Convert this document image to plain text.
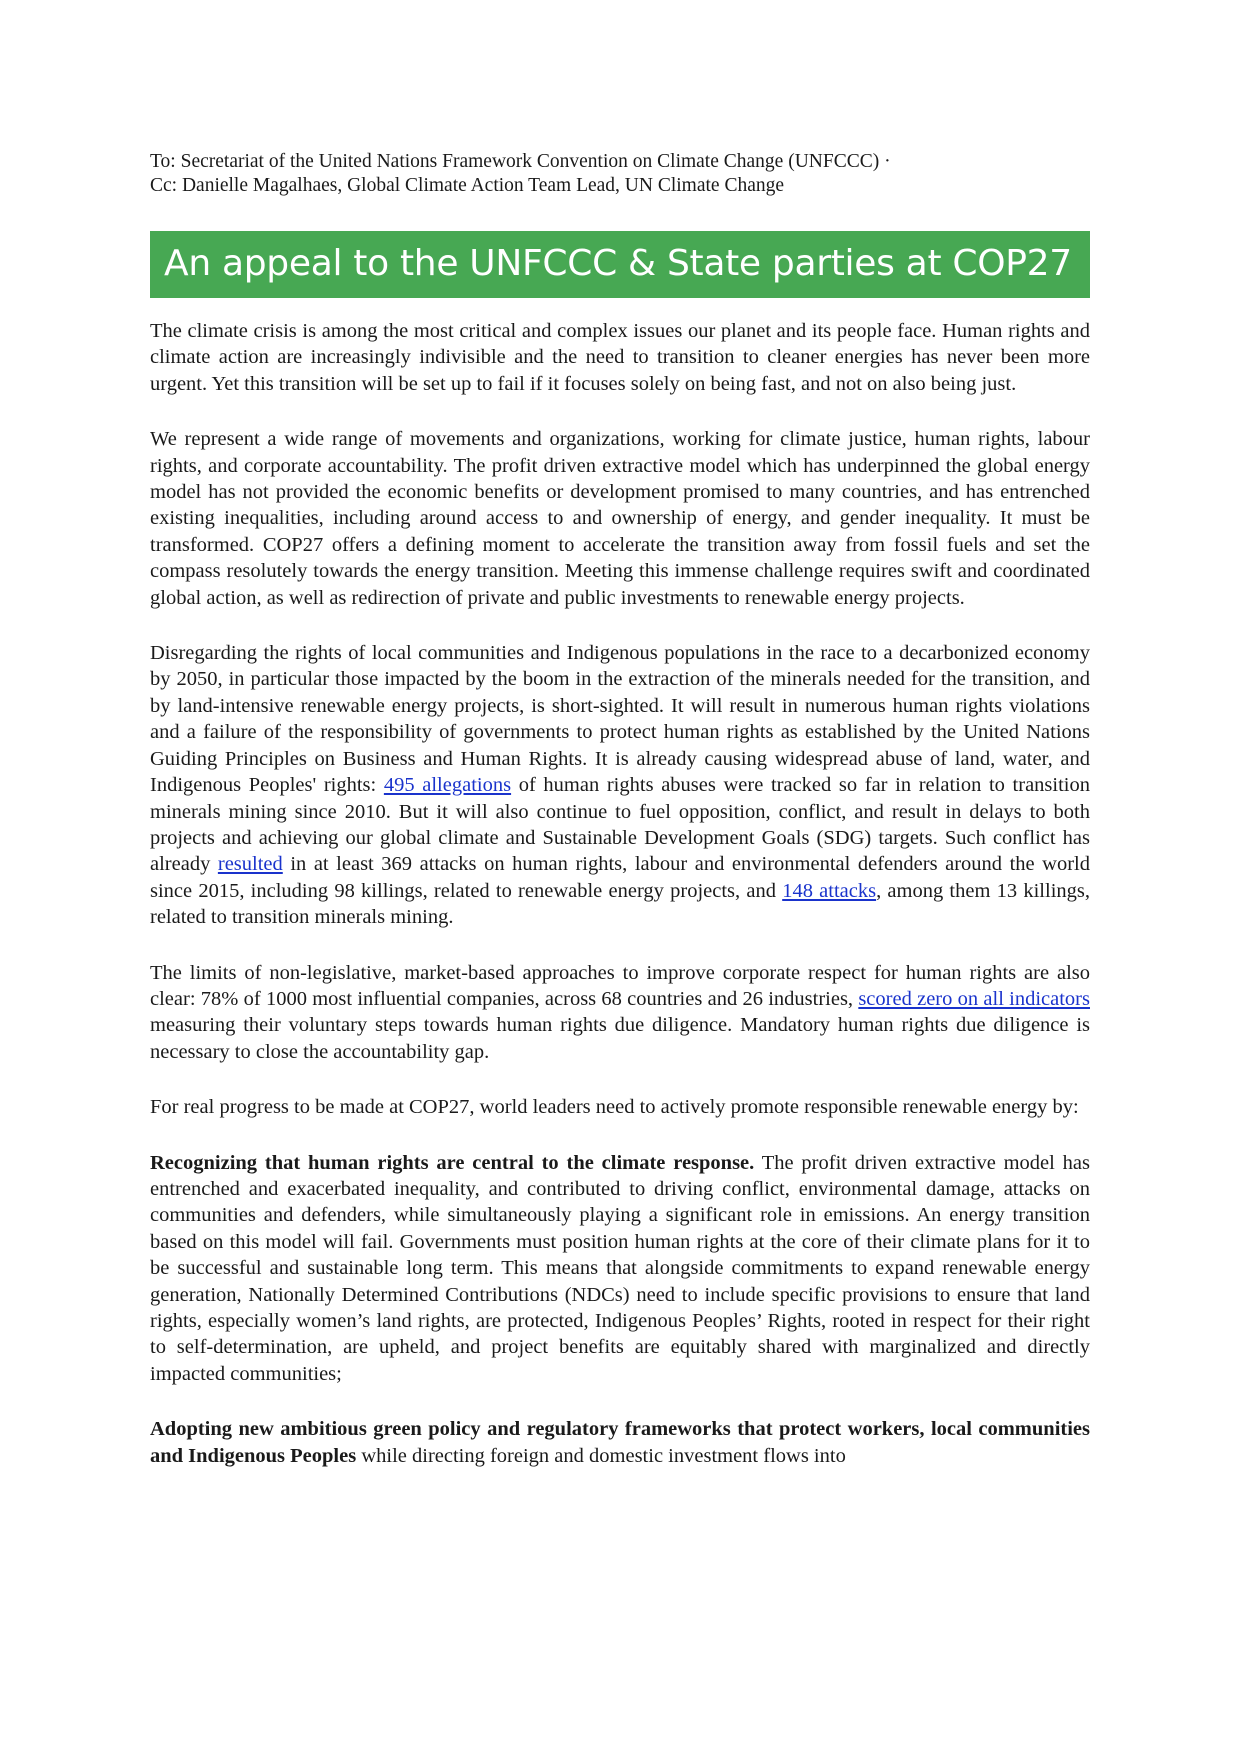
To: Secretariat of the United Nations Framework Convention on Climate Change (UNFCCC) ·
Cc: Danielle Magalhaes, Global Climate Action Team Lead, UN Climate Change
An appeal to the UNFCCC & State parties at COP27

The climate crisis is among the most critical and complex issues our planet and its people face. Human rights and climate action are increasingly indivisible and the need to transition to cleaner energies has never been more urgent. Yet this transition will be set up to fail if it focuses solely on being fast, and not on also being just.

We represent a wide range of movements and organizations, working for climate justice, human rights, labour rights, and corporate accountability. The profit driven extractive model which has underpinned the global energy model has not provided the economic benefits or development promised to many countries, and has entrenched existing inequalities, including around access to and ownership of energy, and gender inequality. It must be transformed. COP27 offers a defining moment to accelerate the transition away from fossil fuels and set the compass resolutely towards the energy transition. Meeting this immense challenge requires swift and coordinated global action, as well as redirection of private and public investments to renewable energy projects.

Disregarding the rights of local communities and Indigenous populations in the race to a decarbonized economy by 2050, in particular those impacted by the boom in the extraction of the minerals needed for the transition, and by land-intensive renewable energy projects, is short-sighted. It will result in numerous human rights violations and a failure of the responsibility of governments to protect human rights as established by the United Nations Guiding Principles on Business and Human Rights. It is already causing widespread abuse of land, water, and Indigenous Peoples' rights: 495 allegations of human rights abuses were tracked so far in relation to transition minerals mining since 2010. But it will also continue to fuel opposition, conflict, and result in delays to both projects and achieving our global climate and Sustainable Development Goals (SDG) targets. Such conflict has already resulted in at least 369 attacks on human rights, labour and environmental defenders around the world since 2015, including 98 killings, related to renewable energy projects, and 148 attacks, among them 13 killings, related to transition minerals mining.

The limits of non-legislative, market-based approaches to improve corporate respect for human rights are also clear: 78% of 1000 most influential companies, across 68 countries and 26 industries, scored zero on all indicators measuring their voluntary steps towards human rights due diligence. Mandatory human rights due diligence is necessary to close the accountability gap.

For real progress to be made at COP27, world leaders need to actively promote responsible renewable energy by:

Recognizing that human rights are central to the climate response. The profit driven extractive model has entrenched and exacerbated inequality, and contributed to driving conflict, environmental damage, attacks on communities and defenders, while simultaneously playing a significant role in emissions. An energy transition based on this model will fail. Governments must position human rights at the core of their climate plans for it to be successful and sustainable long term. This means that alongside commitments to expand renewable energy generation, Nationally Determined Contributions (NDCs) need to include specific provisions to ensure that land rights, especially women’s land rights, are protected, Indigenous Peoples’ Rights, rooted in respect for their right to self-determination, are upheld, and project benefits are equitably shared with marginalized and directly impacted communities;

Adopting new ambitious green policy and regulatory frameworks that protect workers, local communities and Indigenous Peoples while directing foreign and domestic investment flows into
